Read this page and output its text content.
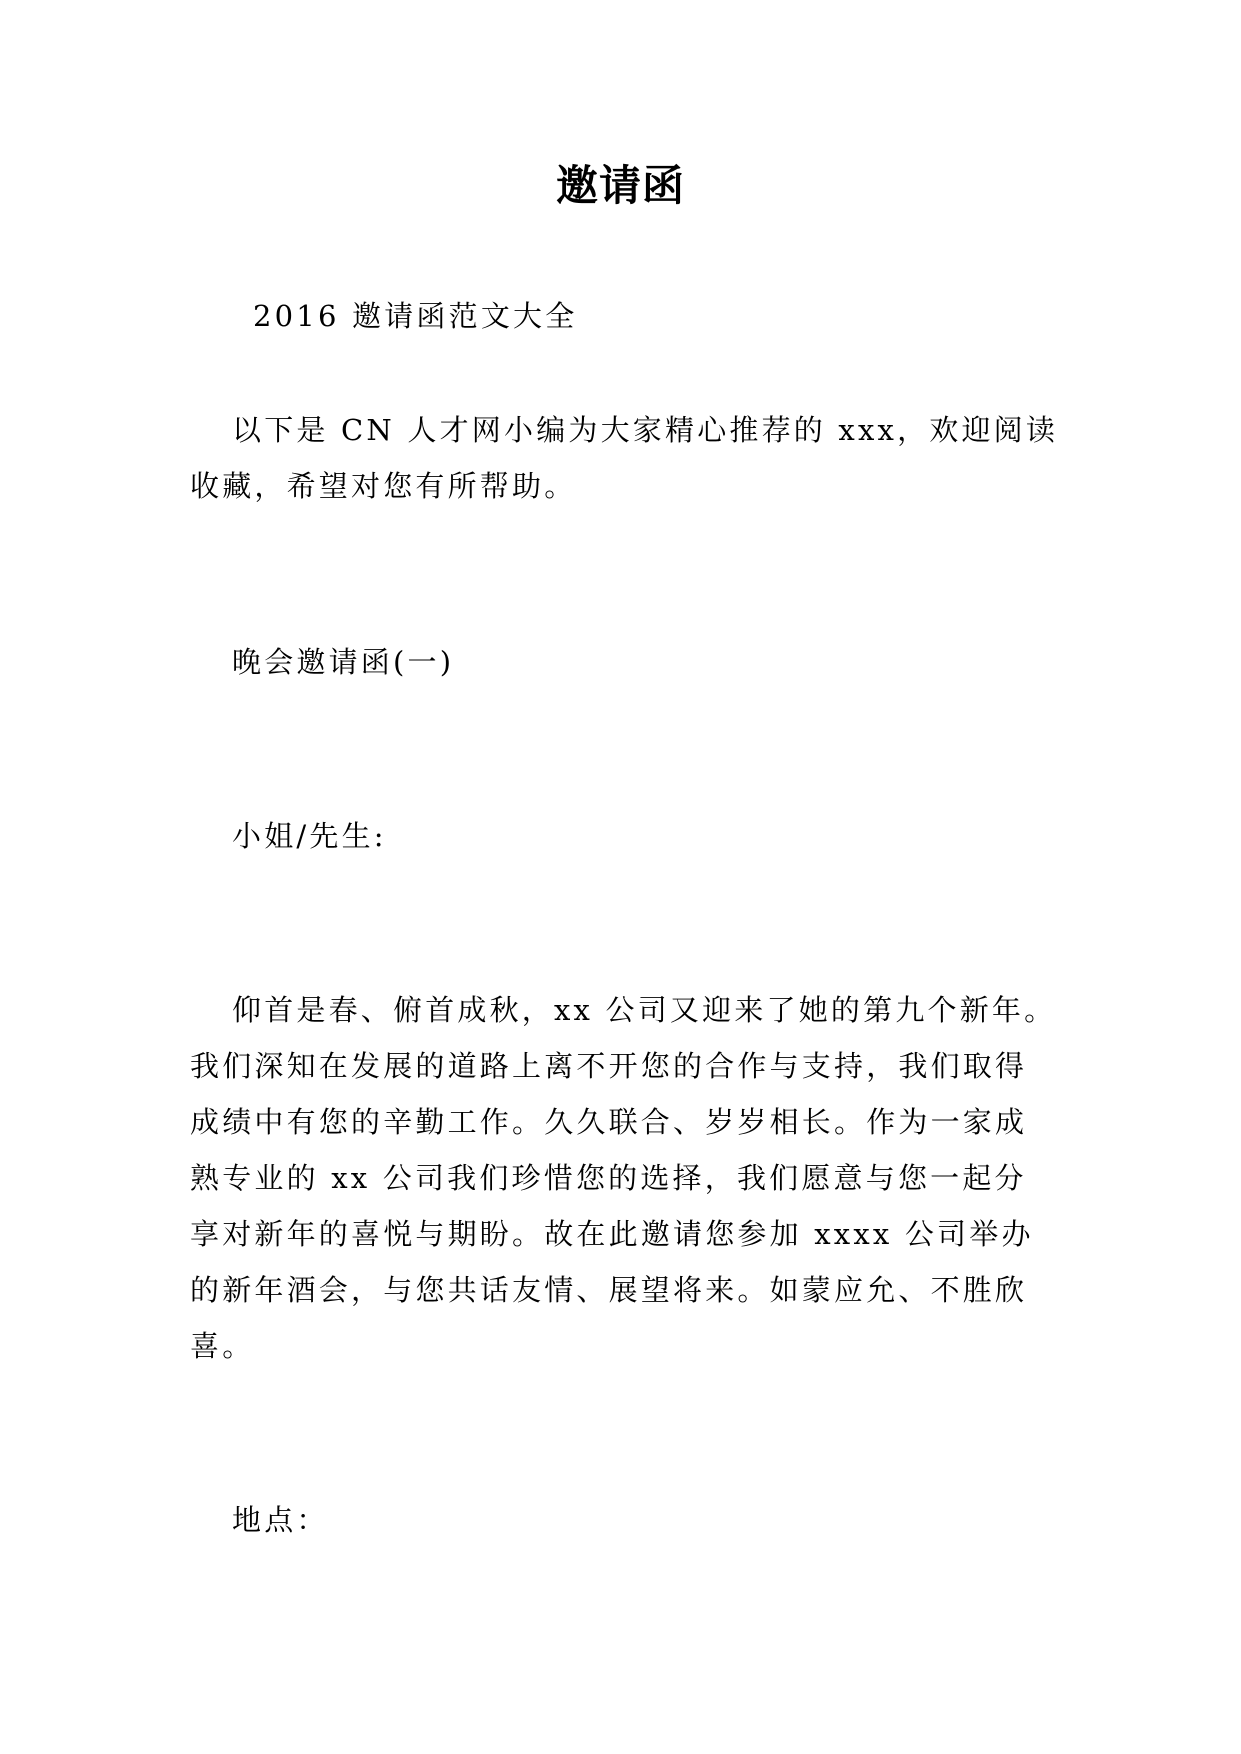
邀请函
2016 邀请函范文大全
以下是 CN 人才网小编为大家精心推荐的 xxx，欢迎阅读
收藏，希望对您有所帮助。
晚会邀请函(一)
小姐/先生:
仰首是春、俯首成秋，xx 公司又迎来了她的第九个新年。
我们深知在发展的道路上离不开您的合作与支持，我们取得
成绩中有您的辛勤工作。久久联合、岁岁相长。作为一家成
熟专业的 xx 公司我们珍惜您的选择，我们愿意与您一起分
享对新年的喜悦与期盼。故在此邀请您参加 xxxx 公司举办
的新年酒会，与您共话友情、展望将来。如蒙应允、不胜欣
喜。
地点：
